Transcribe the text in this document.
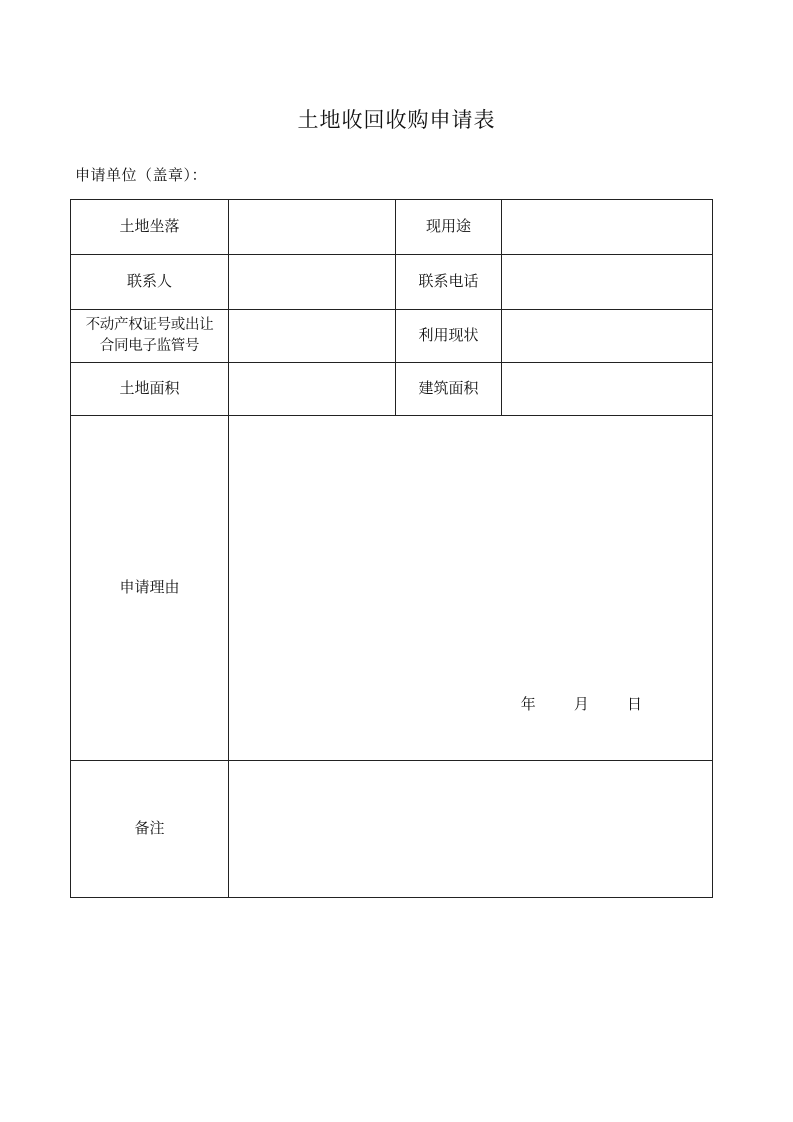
土地收回收购申请表
申请单位（盖章）：
土地坐落		现用途	
联系人		联系电话	

不动产权证号或出让
合同电子监管号		利用现状	
土地面积		建筑面积	
申请理由	年        月        日		

备注			
